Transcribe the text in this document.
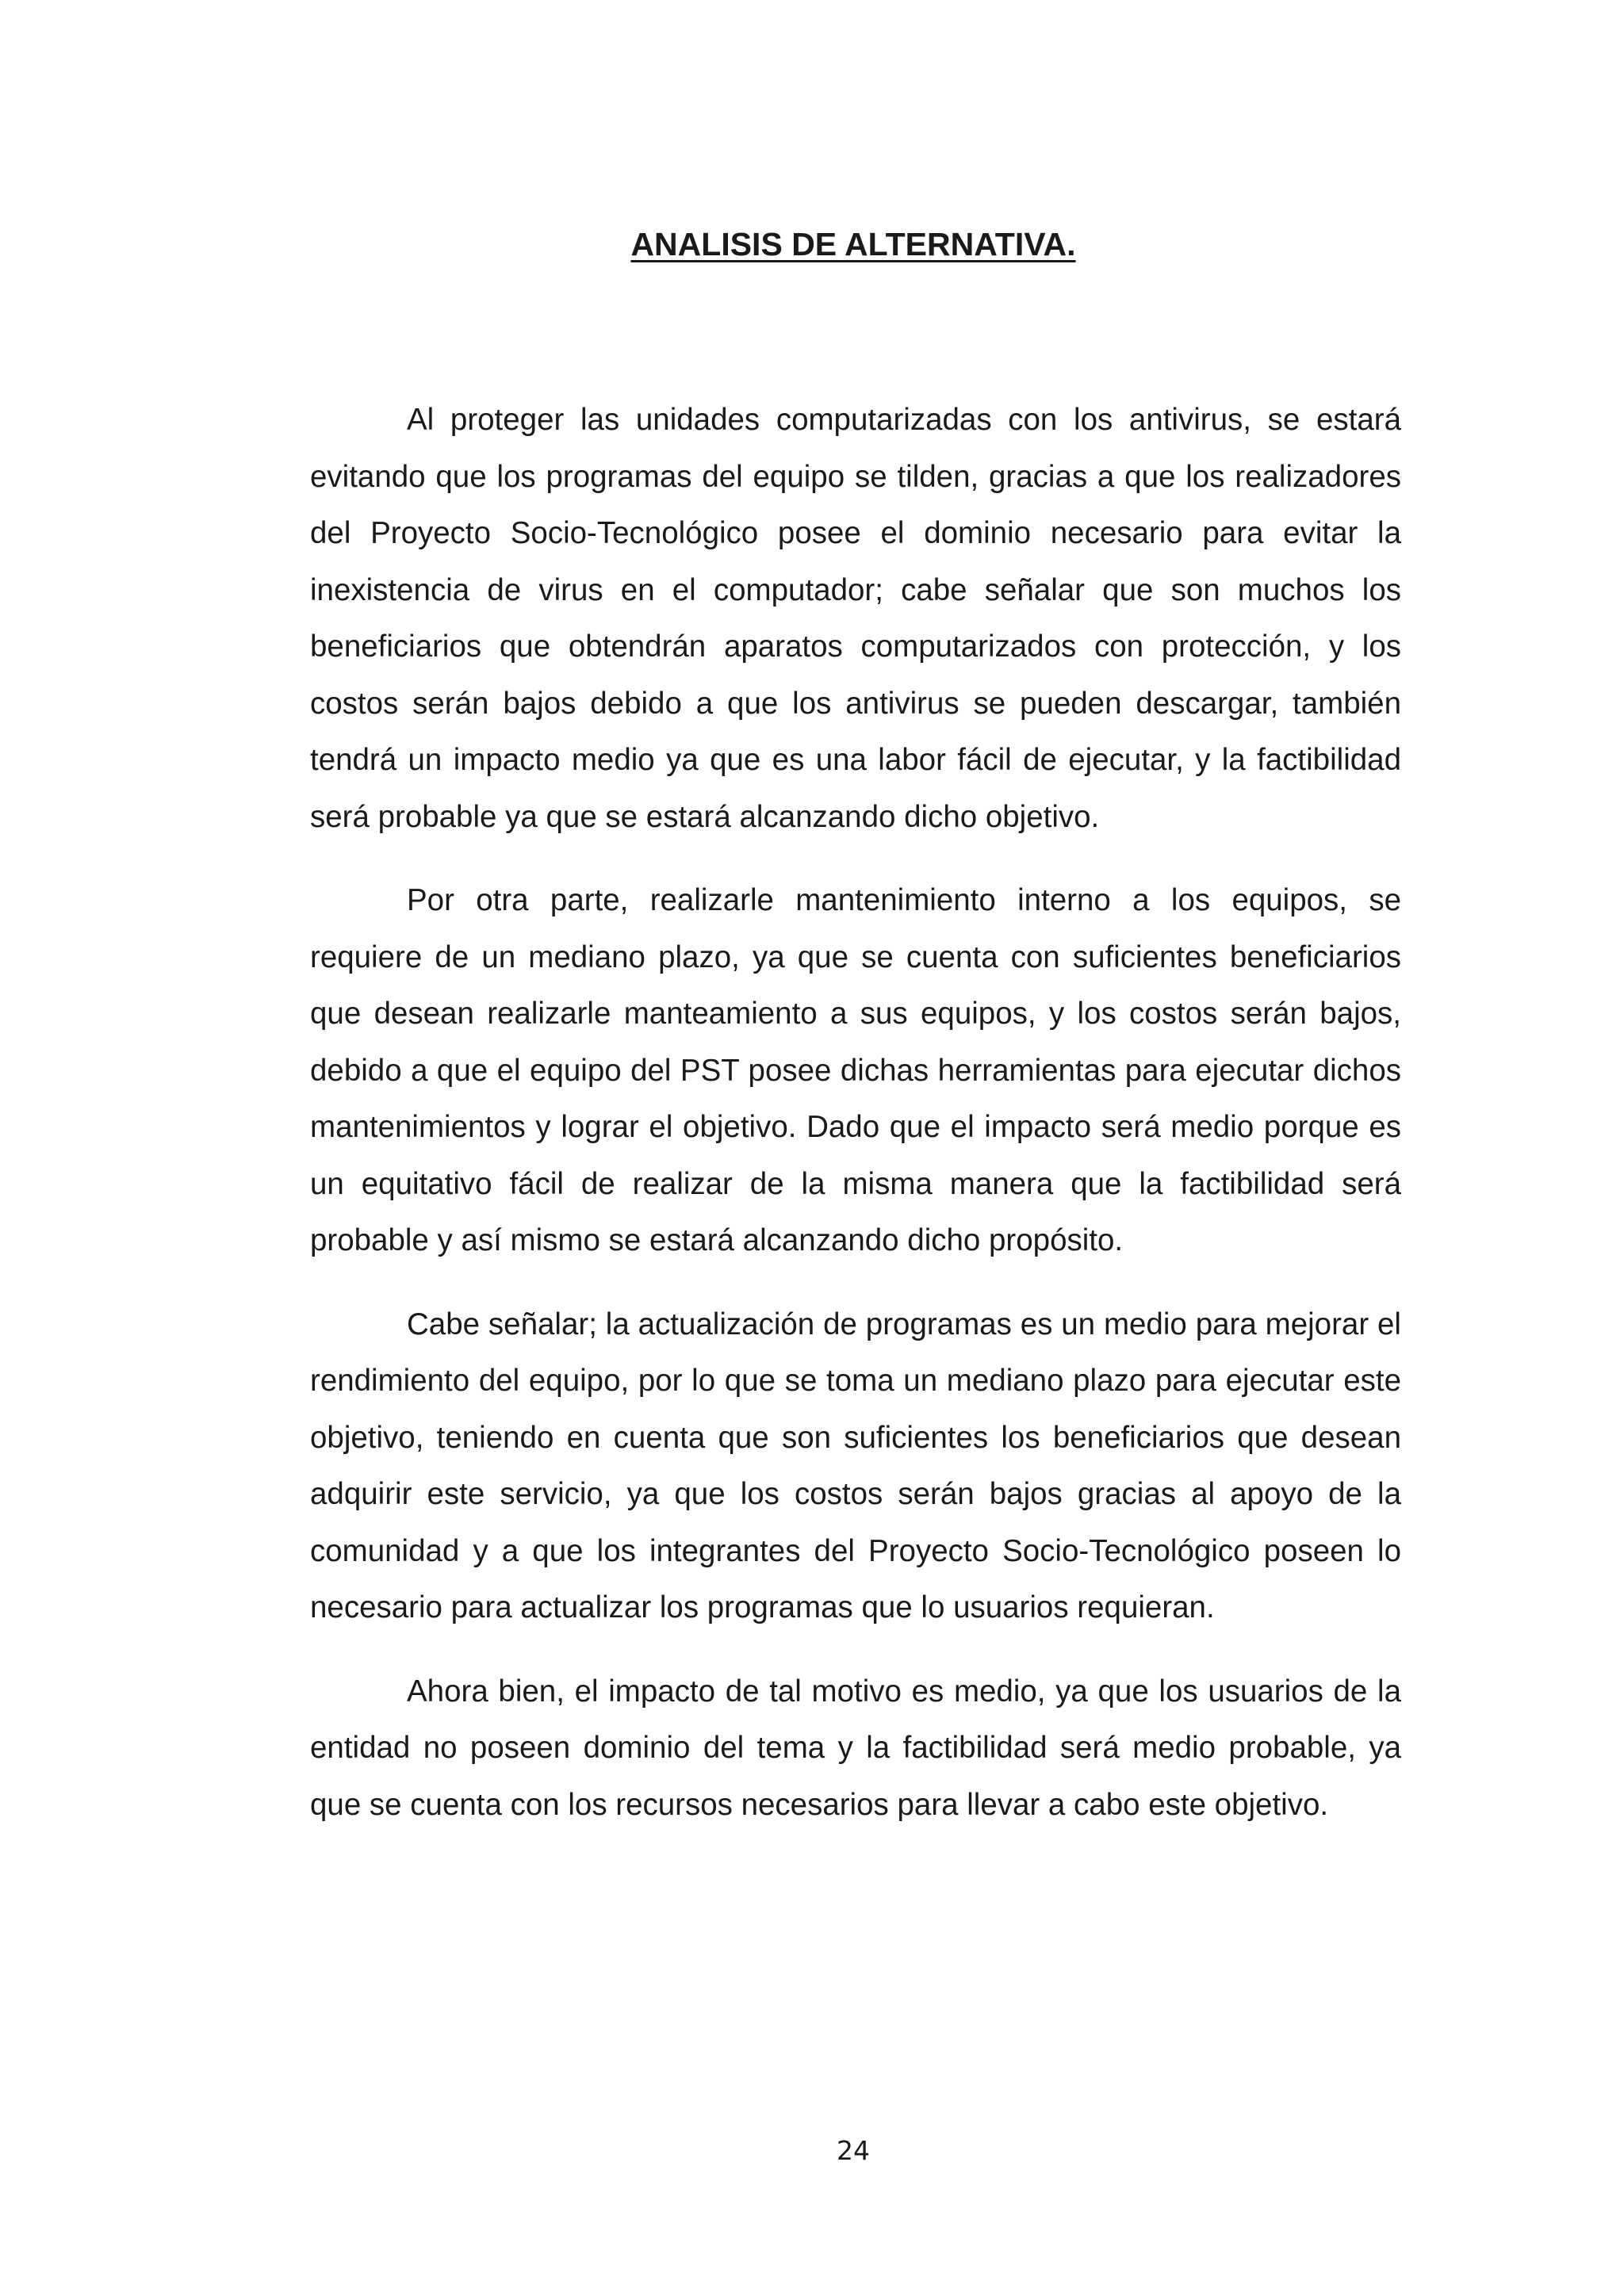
ANALISIS DE ALTERNATIVA.

Al proteger las unidades computarizadas con los antivirus, se estará evitando que los programas del equipo se tilden, gracias a que los realizadores del Proyecto Socio-Tecnológico posee el dominio necesario para evitar la inexistencia de virus en el computador; cabe señalar que son muchos los beneficiarios que obtendrán aparatos computarizados con protección, y los costos serán bajos debido a que los antivirus se pueden descargar, también tendrá un impacto medio ya que es una labor fácil de ejecutar, y la factibilidad será probable ya que se estará alcanzando dicho objetivo.

Por otra parte, realizarle mantenimiento interno a los equipos, se requiere de un mediano plazo, ya que se cuenta con suficientes beneficiarios que desean realizarle manteamiento a sus equipos, y los costos serán bajos, debido a que el equipo del PST posee dichas herramientas para ejecutar dichos mantenimientos y lograr el objetivo. Dado que el impacto será medio porque es un equitativo fácil de realizar de la misma manera que la factibilidad será probable y así mismo se estará alcanzando dicho propósito.

Cabe señalar; la actualización de programas es un medio para mejorar el rendimiento del equipo, por lo que se toma un mediano plazo para ejecutar este objetivo, teniendo en cuenta que son suficientes los beneficiarios que desean adquirir este servicio, ya que los costos serán bajos gracias al apoyo de la comunidad y a que los integrantes del Proyecto Socio-Tecnológico poseen lo necesario para actualizar los programas que lo usuarios requieran.

Ahora bien, el impacto de tal motivo es medio, ya que los usuarios de la entidad no poseen dominio del tema y la factibilidad será medio probable, ya que se cuenta con los recursos necesarios para llevar a cabo este objetivo.

24
